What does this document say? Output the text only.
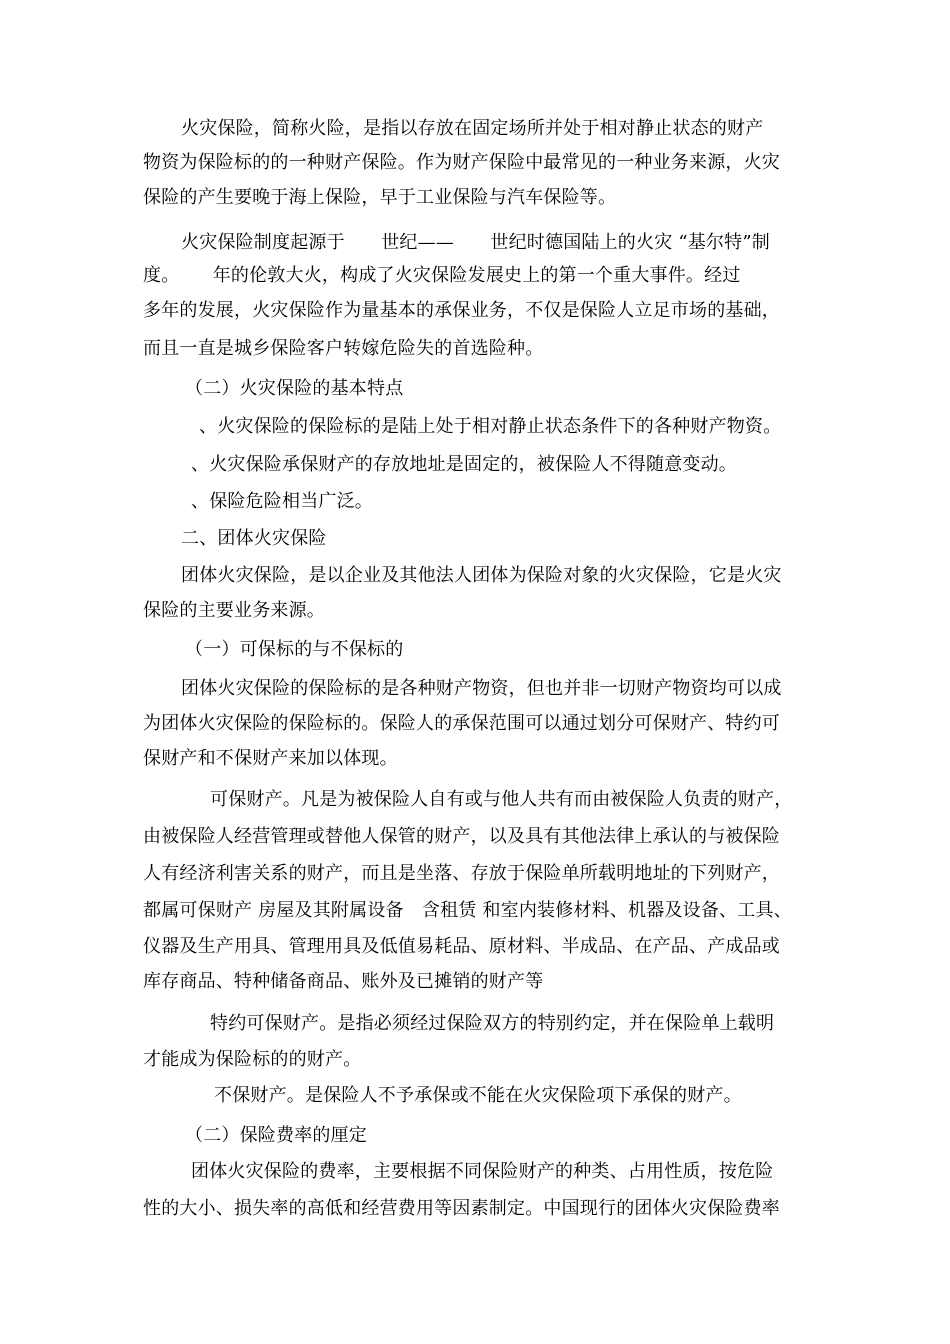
火灾保险，简称火险，是指以存放在固定场所并处于相对静止状态的财产
物资为保险标的的一种财产保险。作为财产保险中最常见的一种业务来源，火灾
保险的产生要晚于海上保险，早于工业保险与汽车保险等。
火灾保险制度起源于　　世纪——　　世纪时德国陆上的火灾 “基尔特”制
度。　　 年的伦敦大火，构成了火灾保险发展史上的第一个重大事件。经过
多年的发展，火灾保险作为量基本的承保业务，不仅是保险人立足市场的基础，
而且一直是城乡保险客户转嫁危险失的首选险种。
（二）火灾保险的基本特点
、火灾保险的保险标的是陆上处于相对静止状态条件下的各种财产物资。
、火灾保险承保财产的存放地址是固定的，被保险人不得随意变动。
、保险危险相当广泛。
二、团体火灾保险
团体火灾保险，是以企业及其他法人团体为保险对象的火灾保险，它是火灾
保险的主要业务来源。
（一）可保标的与不保标的
团体火灾保险的保险标的是各种财产物资，但也并非一切财产物资均可以成
为团体火灾保险的保险标的。保险人的承保范围可以通过划分可保财产、特约可
保财产和不保财产来加以体现。
可保财产。凡是为被保险人自有或与他人共有而由被保险人负责的财产，
由被保险人经营管理或替他人保管的财产，以及具有其他法律上承认的与被保险
人有经济利害关系的财产，而且是坐落、存放于保险单所载明地址的下列财产，
都属可保财产 房屋及其附属设备　含租赁 和室内装修材料、机器及设备、工具、
仪器及生产用具、管理用具及低值易耗品、原材料、半成品、在产品、产成品或
库存商品、特种储备商品、账外及已摊销的财产等
特约可保财产。是指必须经过保险双方的特别约定，并在保险单上载明
才能成为保险标的的财产。
不保财产。是保险人不予承保或不能在火灾保险项下承保的财产。
（二）保险费率的厘定
团体火灾保险的费率，主要根据不同保险财产的种类、占用性质，按危险
性的大小、损失率的高低和经营费用等因素制定。中国现行的团体火灾保险费率
